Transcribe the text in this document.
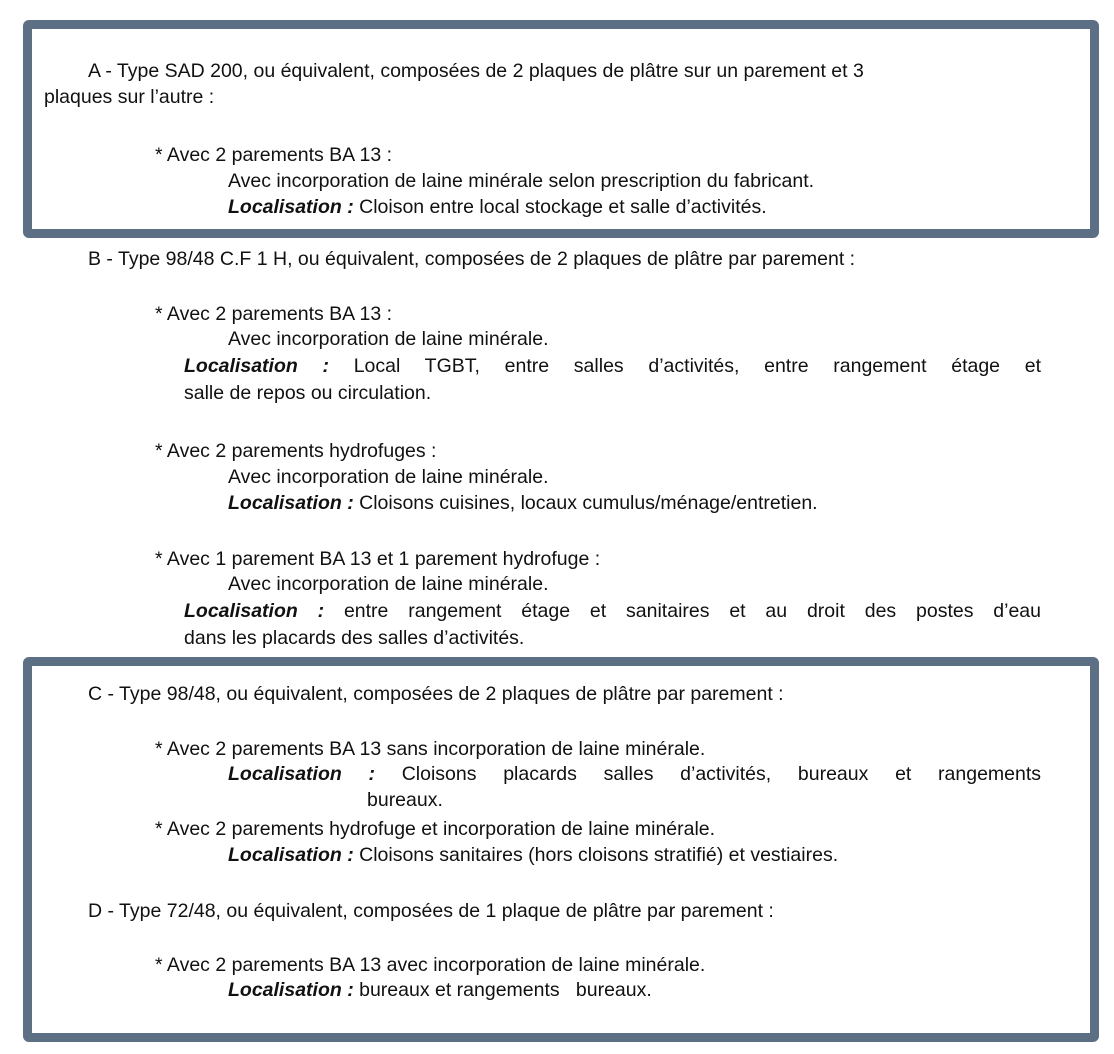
A - Type SAD 200, ou équivalent, composées de 2 plaques de plâtre sur un parement et 3
plaques sur l’autre :
* Avec 2 parements BA 13 :
Avec incorporation de laine minérale selon prescription du fabricant.
Localisation : Cloison entre local stockage et salle d’activités.
B - Type 98/48 C.F 1 H, ou équivalent, composées de 2 plaques de plâtre par parement :
* Avec 2 parements BA 13 :
Avec incorporation de laine minérale.
Localisation : Local TGBT, entre salles d’activités, entre rangement étage et
salle de repos ou circulation.
* Avec 2 parements hydrofuges :
Avec incorporation de laine minérale.
Localisation : Cloisons cuisines, locaux cumulus/ménage/entretien.
* Avec 1 parement BA 13 et 1 parement hydrofuge :
Avec incorporation de laine minérale.
Localisation : entre rangement étage et sanitaires et au droit des postes d’eau
dans les placards des salles d’activités.
C - Type 98/48, ou équivalent, composées de 2 plaques de plâtre par parement :
* Avec 2 parements BA 13 sans incorporation de laine minérale.
Localisation : Cloisons placards salles d’activités, bureaux et rangements
bureaux.
* Avec 2 parements hydrofuge et incorporation de laine minérale.
Localisation : Cloisons sanitaires (hors cloisons stratifié) et vestiaires.
D - Type 72/48, ou équivalent, composées de 1 plaque de plâtre par parement :
* Avec 2 parements BA 13 avec incorporation de laine minérale.
Localisation : bureaux et rangements   bureaux.
